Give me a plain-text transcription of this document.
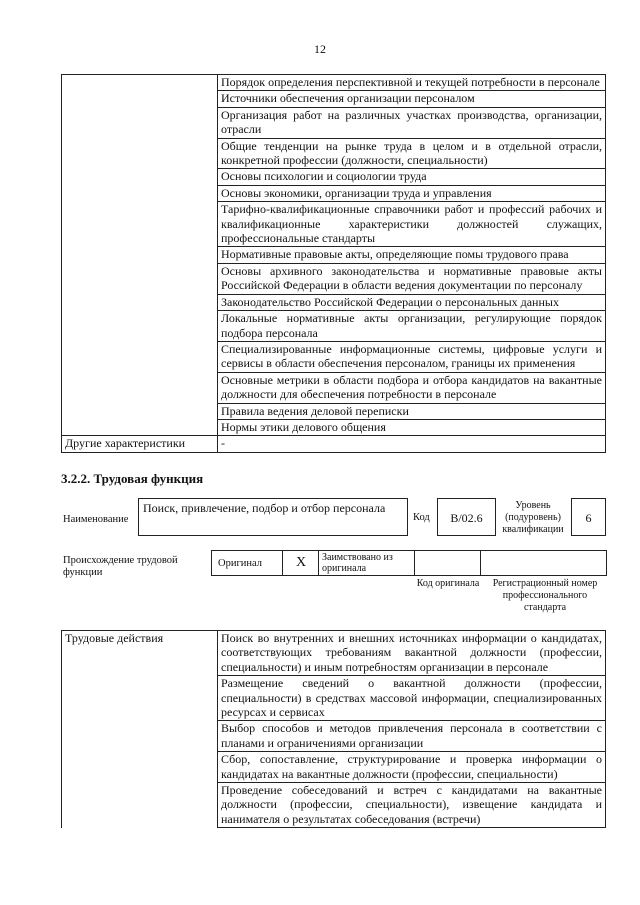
12
	Порядок определения перспективной и текущей потребности в персонале
	Источники обеспечения организации персоналом
	Организация работ на различных участках производства, организации, отрасли
	Общие тенденции на рынке труда в целом и в отдельной отрасли, конкретной профессии (должности, специальности)
	Основы психологии и социологии труда
	Основы экономики, организации труда и управления
	Тарифно-квалификационные справочники работ и профессий рабочих и квалификационные характеристики должностей служащих, профессиональные стандарты
	Нормативные правовые акты, определяющие помы трудового права
	Основы архивного законодательства и нормативные правовые акты Российской Федерации в области ведения документации по персоналу
	Законодательство Российской Федерации о персональных данных
	Локальные нормативные акты организации, регулирующие порядок подбора персонала
	Специализированные информационные системы, цифровые услуги и сервисы в области обеспечения персоналом, границы их применения
	Основные метрики в области подбора и отбора кандидатов на вакантные должности для обеспечения потребности в персонале
	Правила ведения деловой переписки
	Нормы этики делового общения
Другие характеристики	-
3.2.2. Трудовая функция
Наименование
Поиск, привлечение, подбор и отбор персонала
Код	B/02.6
Уровень (подуровень) квалификации
6
Происхождение трудовой функции
Оригинал X Заимствовано из оригинала
Код оригинала	Регистрационный номер профессионального стандарта
Трудовые действия	Поиск во внутренних и внешних источниках информации о кандидатах, соответствующих требованиям вакантной должности (профессии, специальности) и иным потребностям организации в персонале
Размещение сведений о вакантной должности (профессии, специальности) в средствах массовой информации, специализированных ресурсах и сервисах
Выбор способов и методов привлечения персонала в соответствии с планами и ограничениями организации
Сбор, сопоставление, структурирование и проверка информации о кандидатах на вакантные должности (профессии, специальности)
Проведение собеседований и встреч с кандидатами на вакантные должности (профессии, специальности), извещение кандидата и нанимателя о результатах собеседования (встречи)
